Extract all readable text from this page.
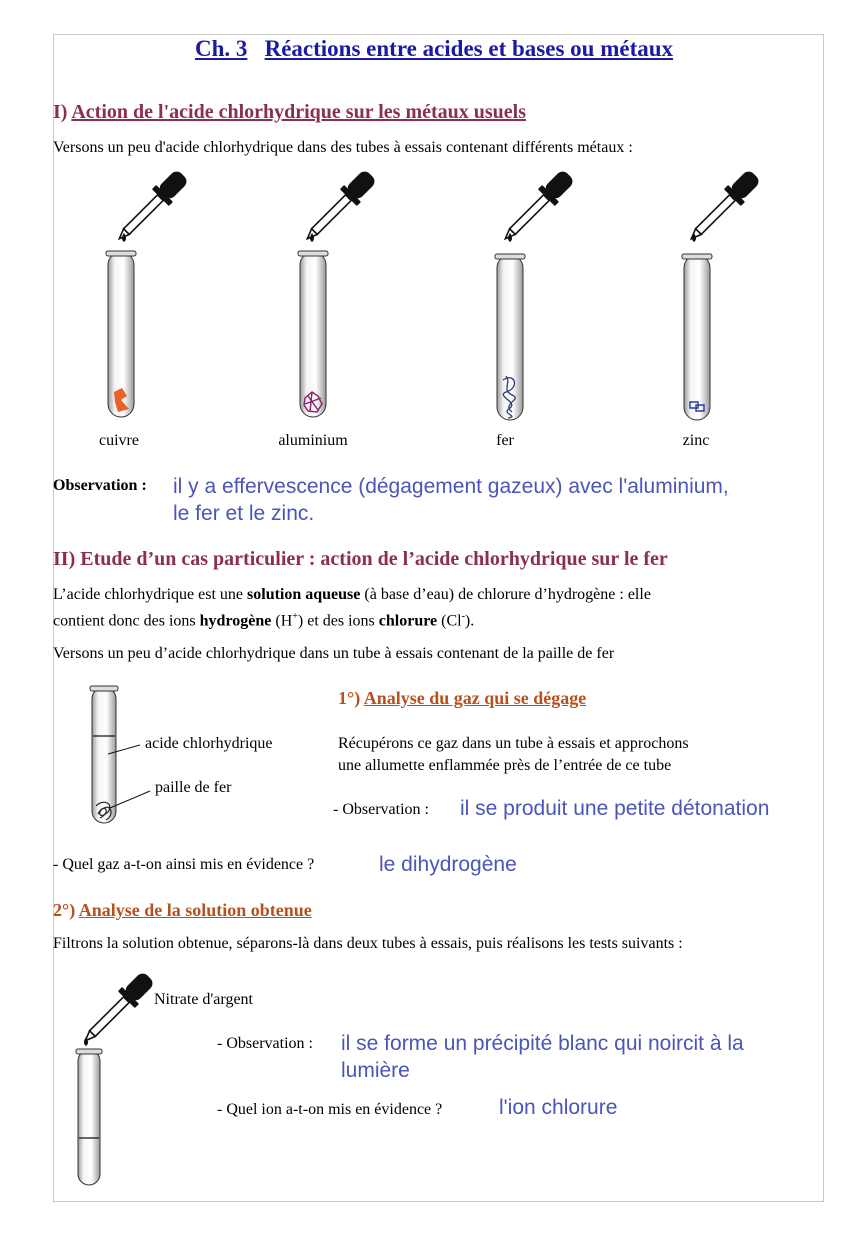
Ch. 3 Réactions entre acides et bases ou métaux
I) Action de l'acide chlorhydrique sur les métaux usuels
Versons un peu d'acide chlorhydrique dans des tubes à essais contenant différents métaux :
cuivre	aluminium	fer	zinc
Observation : il y a effervescence (dégagement gazeux) avec l'aluminium,
le fer et le zinc.
II) Etude d’un cas particulier : action de l’acide chlorhydrique sur le fer
L’acide chlorhydrique est une solution aqueuse (à base d’eau) de chlorure d’hydrogène : elle
contient donc des ions hydrogène (H+) et des ions chlorure (Cl-).
Versons un peu d’acide chlorhydrique dans un tube à essais contenant de la paille de fer
acide chlorhydrique
paille de fer
1°) Analyse du gaz qui se dégage
Récupérons ce gaz dans un tube à essais et approchons
une allumette enflammée près de l’entrée de ce tube
- Observation : il se produit une petite détonation
- Quel gaz a-t-on ainsi mis en évidence ?	le dihydrogène
2°) Analyse de la solution obtenue
Filtrons la solution obtenue, séparons-là dans deux tubes à essais, puis réalisons les tests suivants :
Nitrate d'argent
- Observation : il se forme un précipité blanc qui noircit à la
lumière
- Quel ion a-t-on mis en évidence ?	l'ion chlorure
